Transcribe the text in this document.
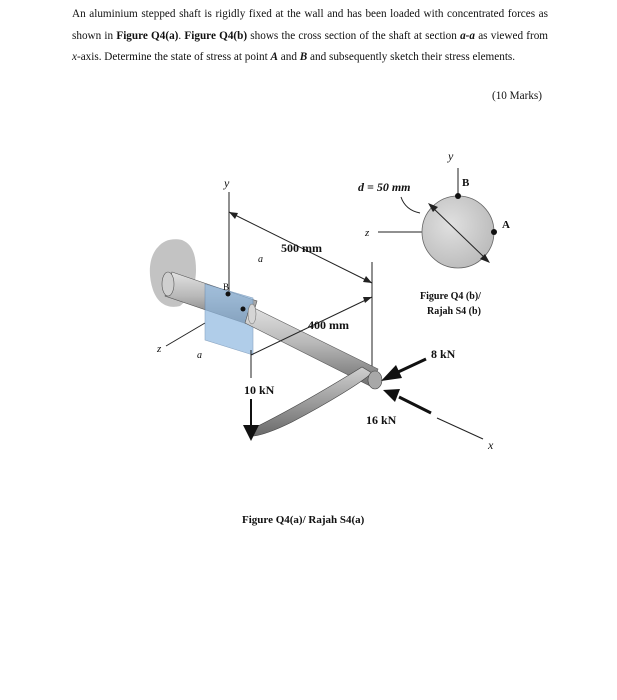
An aluminium stepped shaft is rigidly fixed at the wall and has been loaded with concentrated forces as shown in Figure Q4(a). Figure Q4(b) shows the cross section of the shaft at section a-a as viewed from x-axis. Determine the state of stress at point A and B and subsequently sketch their stress elements.
(10 Marks)
y
z
500 mm
a
a
B
400 mm
10 kN
8 kN
16 kN
x
Figure Q4(a)/ Rajah S4(a)
y
d = 50 mm	B
z
A
Figure Q4 (b)/
Rajah S4 (b)
